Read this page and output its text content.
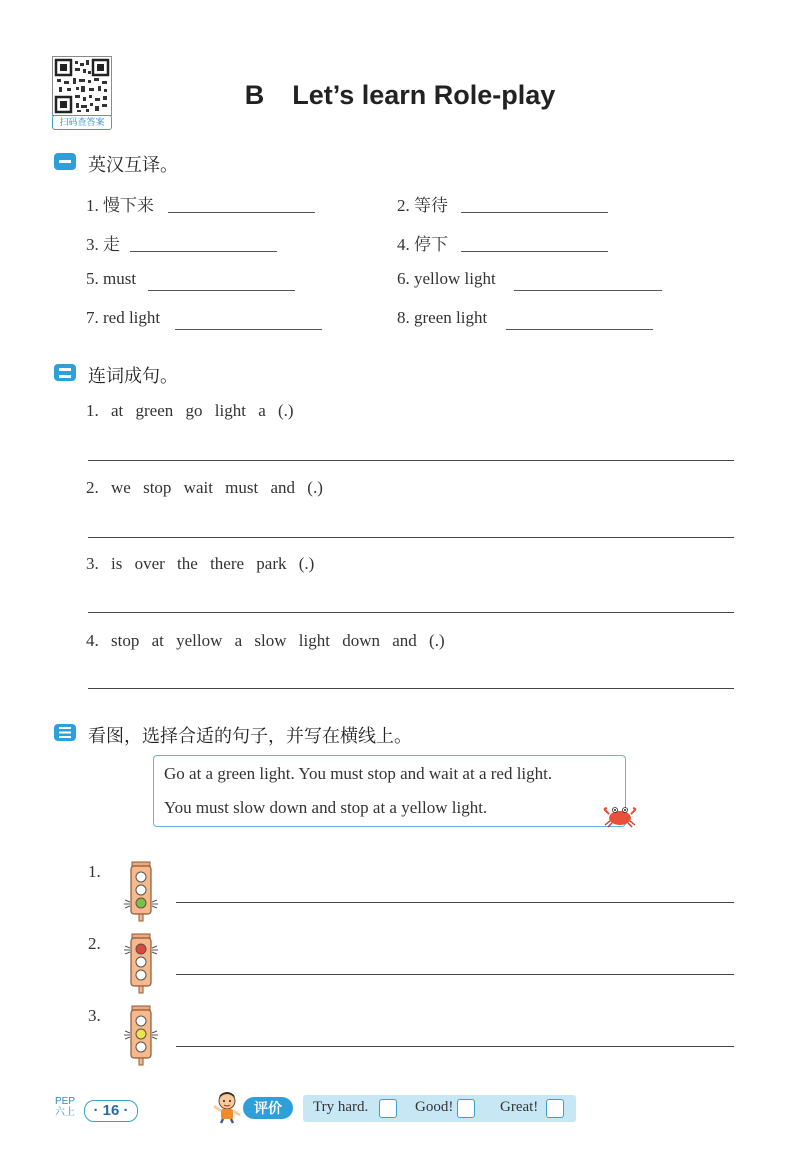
扫码查答案
B Let’s learn Role-play
英汉互译。
1. 慢下来	2. 等待
3. 走	4. 停下
5. must	6. yellow light
7. red light	8. green light
连词成句。
1. at green go light a (.)
2. we stop wait must and (.)
3. is over the there park (.)
4. stop at yellow a slow light down and (.)
看图，选择合适的句子，并写在横线上。
Go at a green light. You must stop and wait at a red light.
You must slow down and stop at a yellow light.
1.
2.
3.
PEP
六上	· 16 ·	评价	Try hard.	Good!	Great!
